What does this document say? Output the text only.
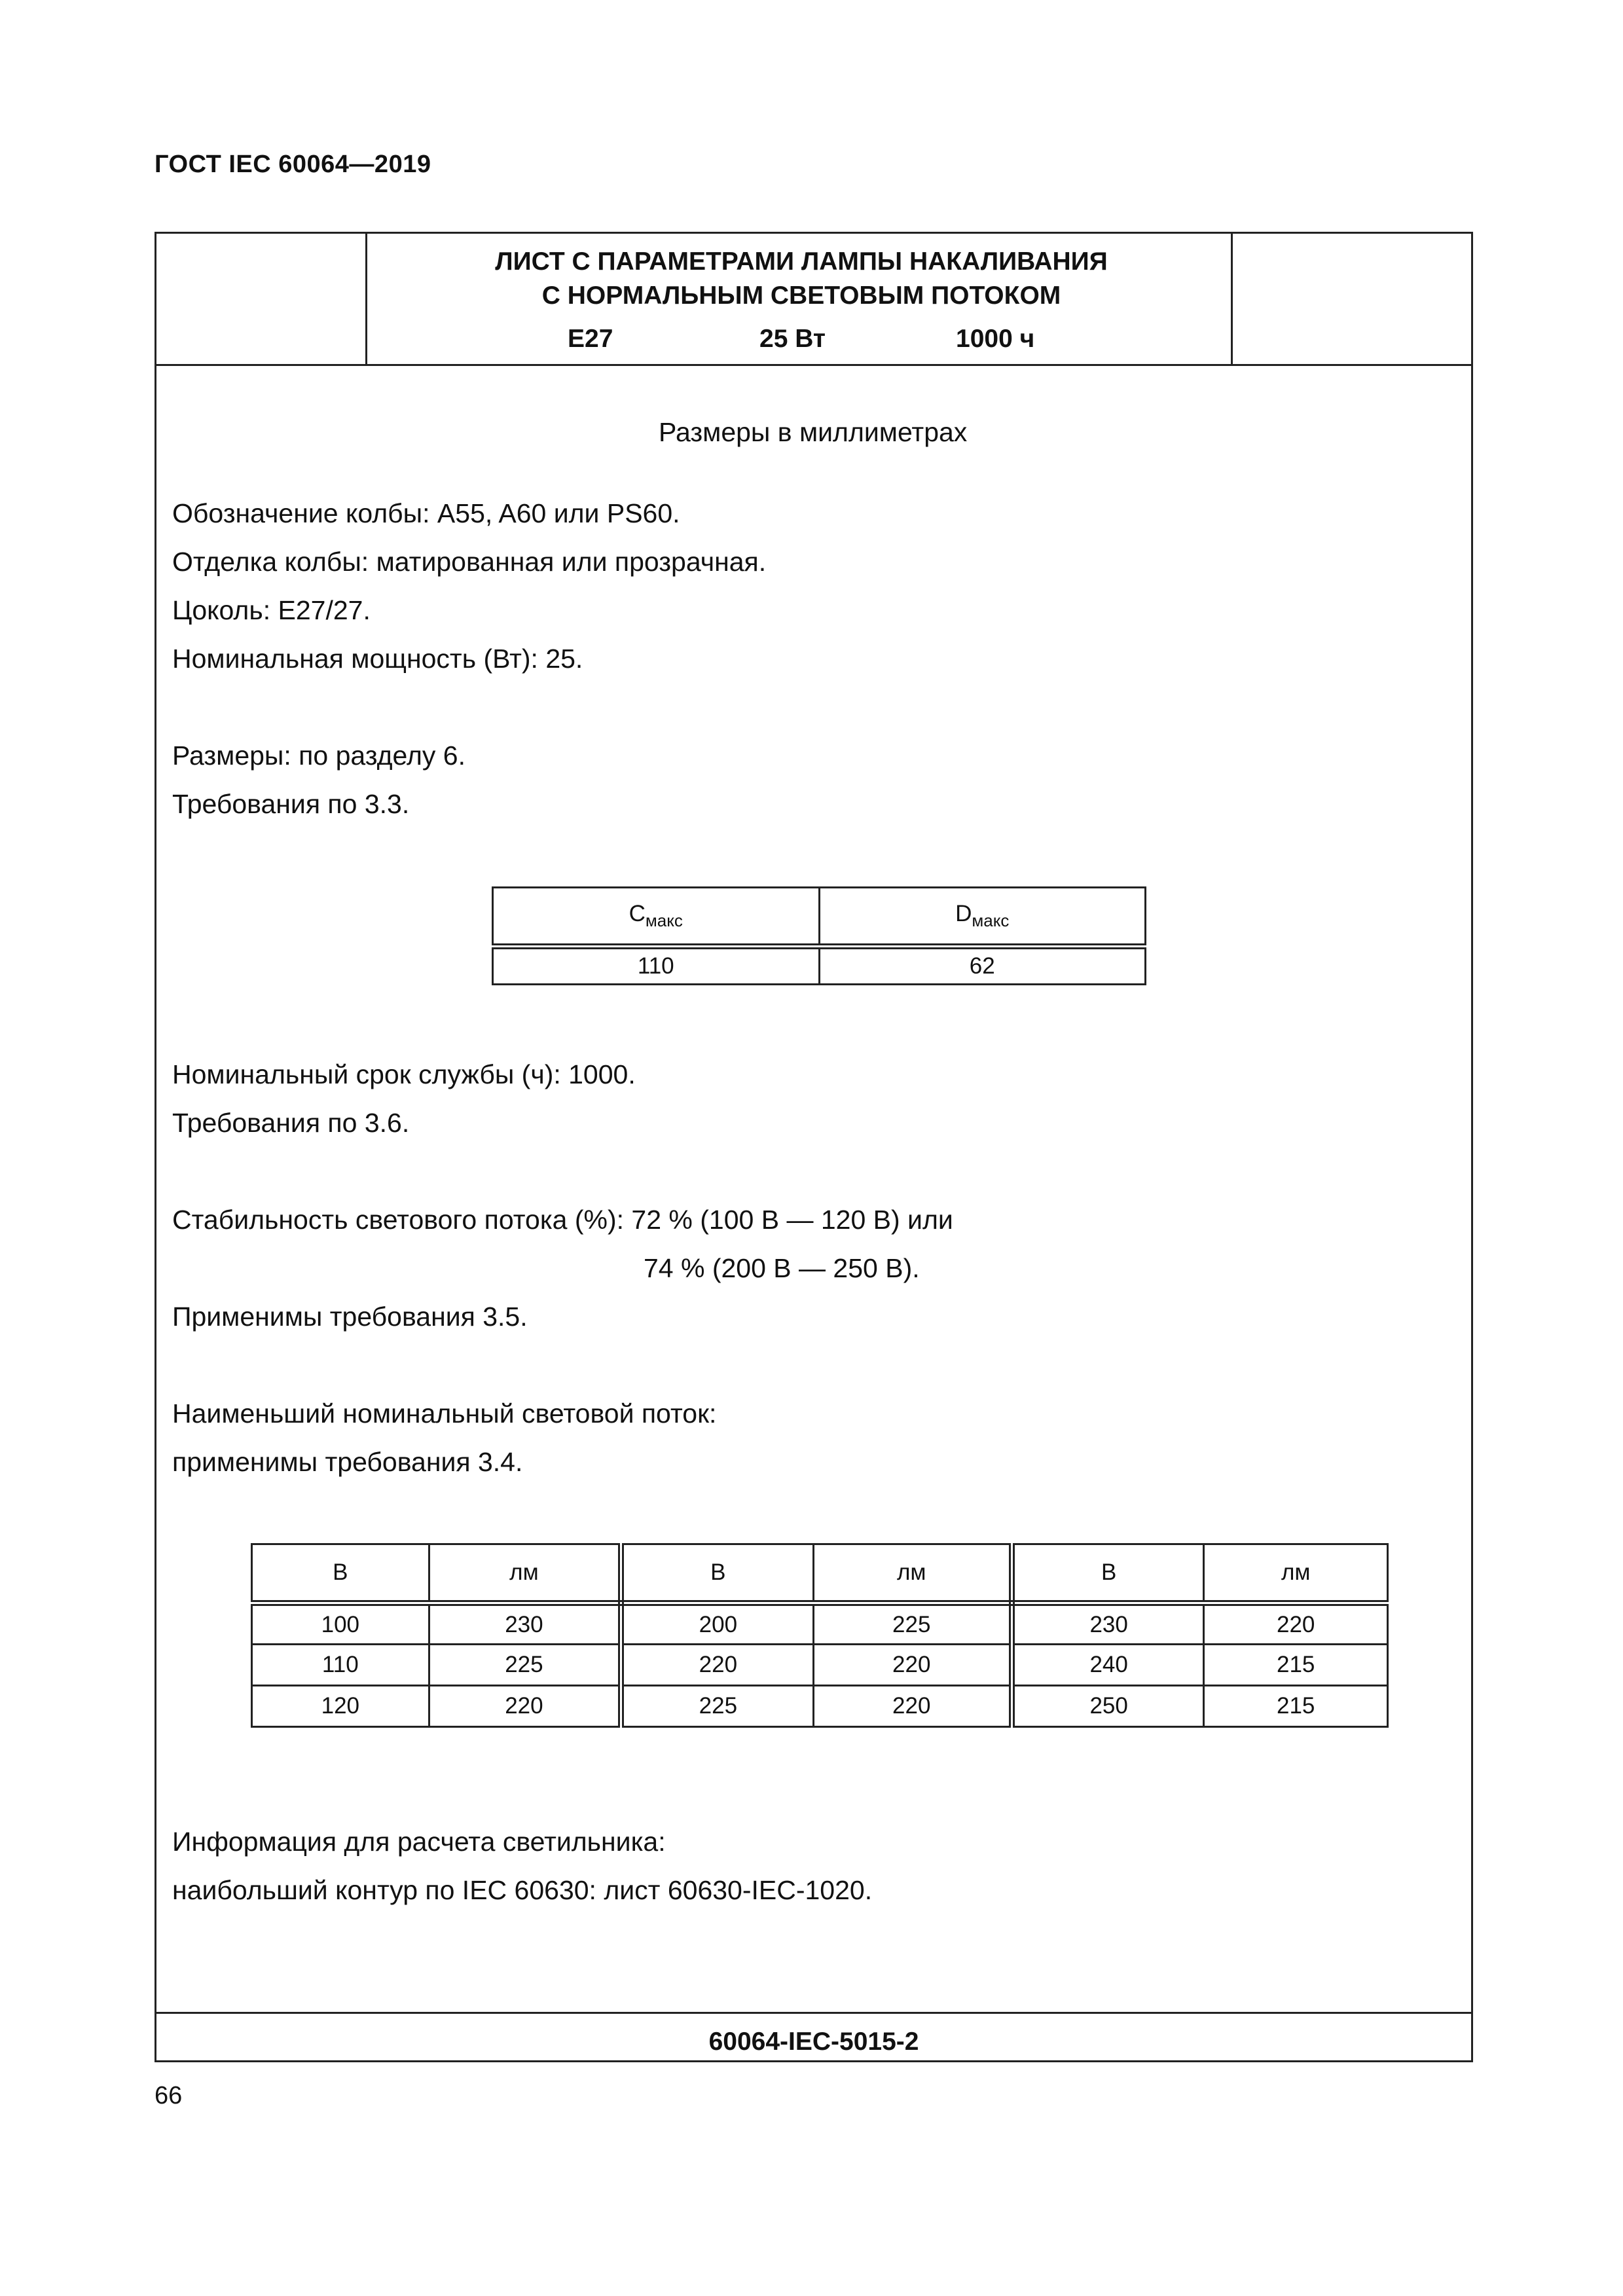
ГОСТ IEC 60064—2019
ЛИСТ С ПАРАМЕТРАМИ ЛАМПЫ НАКАЛИВАНИЯ
С НОРМАЛЬНЫМ СВЕТОВЫМ ПОТОКОМ
E27	25 Вт	1000 ч
Размеры в миллиметрах
Обозначение колбы: A55, A60 или PS60.
Отделка колбы: матированная или прозрачная.
Цоколь: E27/27.
Номинальная мощность (Вт): 25.
Размеры: по разделу 6.
Требования по 3.3.
$C_{макс}$	$D_{макс}$
110	62
Номинальный срок службы (ч): 1000.
Требования по 3.6.
Стабильность светового потока (%): 72 % (100 В — 120 В) или
74 % (200 В — 250 В).
Применимы требования 3.5.
Наименьший номинальный световой поток:
применимы требования 3.4.
В	лм	В	лм	В	лм
100	230	200	225	230	220
110	225	220	220	240	215
120	220	225	220	250	215
Информация для расчета светильника:
наибольший контур по IEC 60630: лист 60630-IEC-1020.
60064-IEC-5015-2
66
